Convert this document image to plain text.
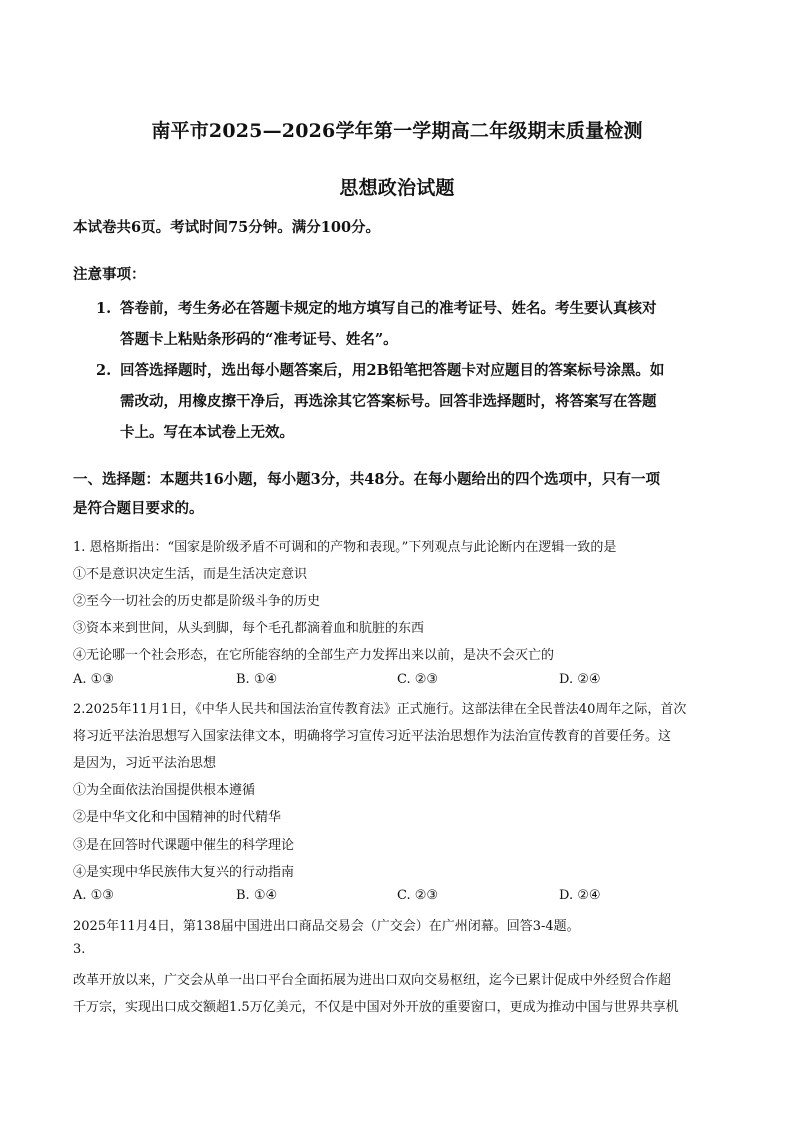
南平市2025—2026学年第一学期高二年级期末质量检测
思想政治试题
本试卷共6页。考试时间75分钟。满分100分。
注意事项：
1. 答卷前，考生务必在答题卡规定的地方填写自己的准考证号、姓名。考生要认真核对
答题卡上粘贴条形码的“准考证号、姓名”。
2. 回答选择题时，选出每小题答案后，用2B铅笔把答题卡对应题目的答案标号涂黑。如
需改动，用橡皮擦干净后，再选涂其它答案标号。回答非选择题时，将答案写在答题
卡上。写在本试卷上无效。
一、选择题：本题共16小题，每小题3分，共48分。在每小题给出的四个选项中，只有一项
是符合题目要求的。
1. 恩格斯指出：“国家是阶级矛盾不可调和的产物和表现。”下列观点与此论断内在逻辑一致的是
①不是意识决定生活，而是生活决定意识
②至今一切社会的历史都是阶级斗争的历史
③资本来到世间，从头到脚，每个毛孔都滴着血和肮脏的东西
④无论哪一个社会形态，在它所能容纳的全部生产力发挥出来以前，是决不会灭亡的
A. ①③	B. ①④	C. ②③	D. ②④
2.2025年11月1日，《中华人民共和国法治宣传教育法》正式施行。这部法律在全民普法40周年之际，首次
将习近平法治思想写入国家法律文本，明确将学习宣传习近平法治思想作为法治宣传教育的首要任务。这
是因为，习近平法治思想
①为全面依法治国提供根本遵循
②是中华文化和中国精神的时代精华
③是在回答时代课题中催生的科学理论
④是实现中华民族伟大复兴的行动指南
A. ①③	B. ①④	C. ②③	D. ②④
2025年11月4日，第138届中国进出口商品交易会（广交会）在广州闭幕。回答3-4题。
3.
改革开放以来，广交会从单一出口平台全面拓展为进出口双向交易枢纽，迄今已累计促成中外经贸合作超
千万宗，实现出口成交额超1.5万亿美元，不仅是中国对外开放的重要窗口，更成为推动中国与世界共享机
